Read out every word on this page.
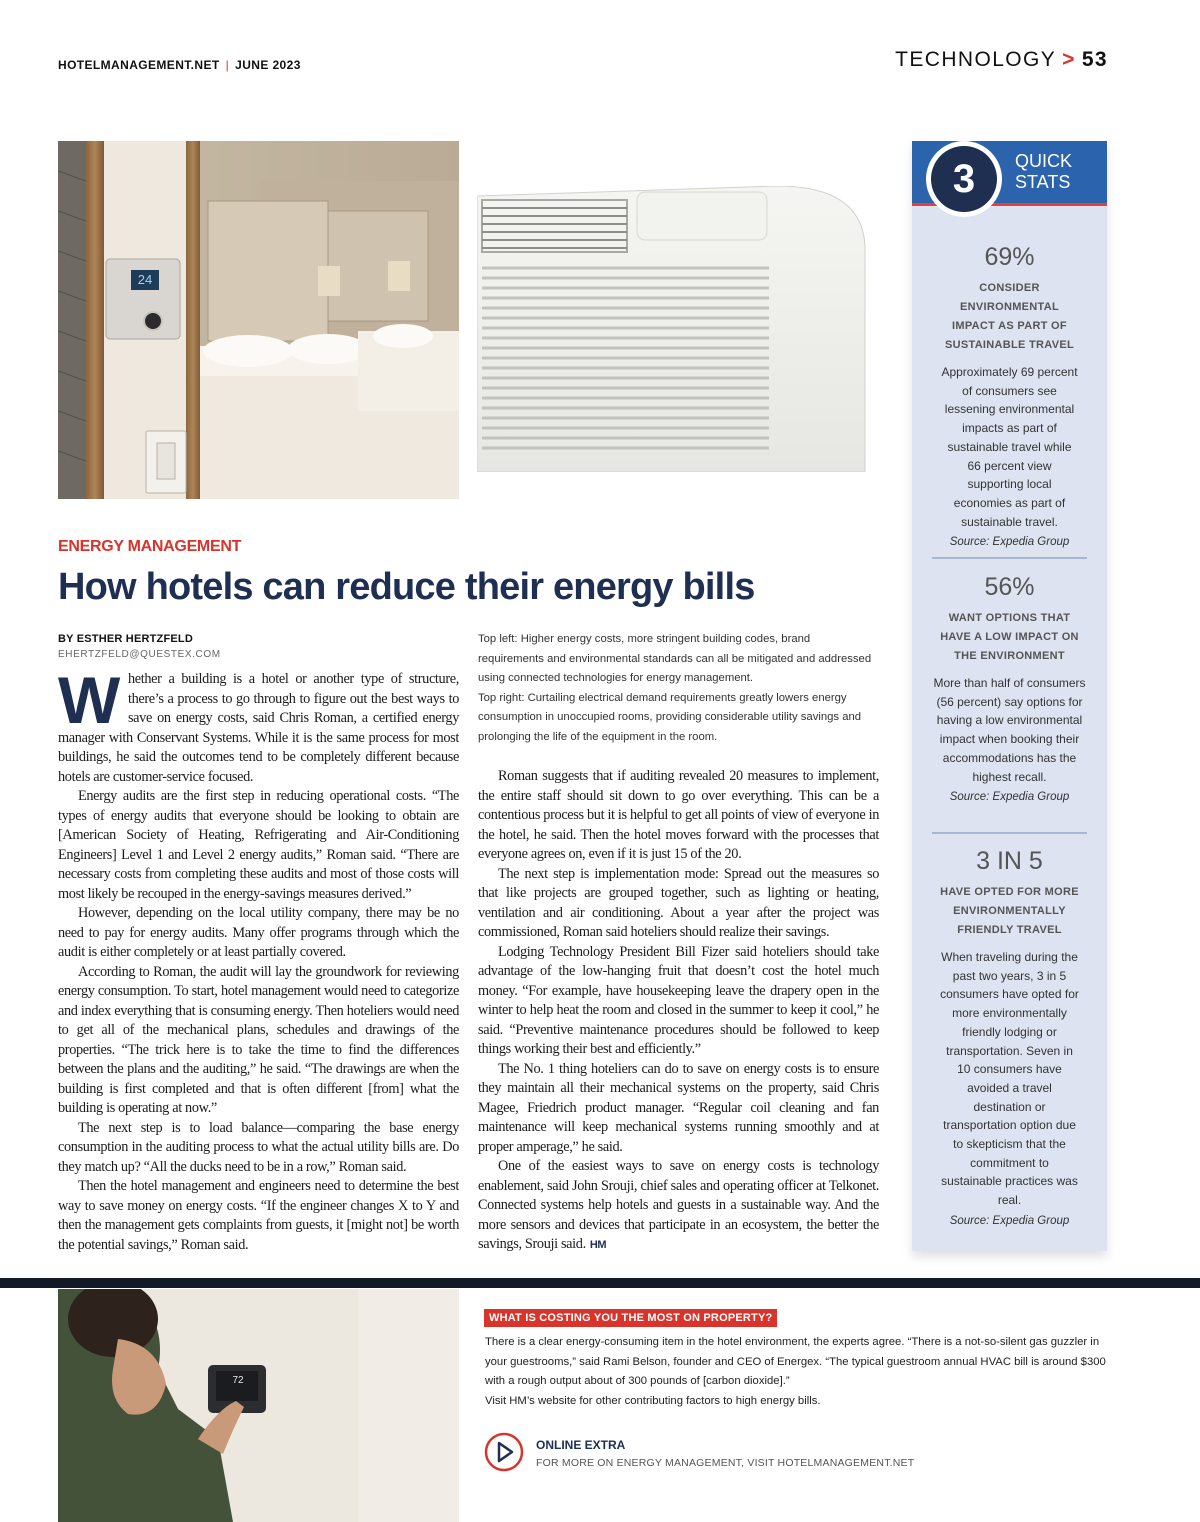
HOTELMANAGEMENT.NET | JUNE 2023	TECHNOLOGY > 53
24
ENERGY MANAGEMENT
How hotels can reduce their energy bills
BY ESTHER HERTZFELD
EHERTZFELD@QUESTEX.COM

Whether a building is a hotel or another type of structure, there’s a process to go through to figure out the best ways to save on energy costs, said Chris Roman, a certified energy manager with Conservant Systems. While it is the same process for most buildings, he said the outcomes tend to be completely different because hotels are customer-service focused.

Energy audits are the first step in reducing operational costs. “The types of energy audits that everyone should be looking to obtain are [American Society of Heating, Refrigerating and Air-Conditioning Engineers] Level 1 and Level 2 energy audits,” Roman said. “There are necessary costs from completing these audits and most of those costs will most likely be recouped in the energy-savings measures derived.”

However, depending on the local utility company, there may be no need to pay for energy audits. Many offer programs through which the audit is either completely or at least partially covered.

According to Roman, the audit will lay the groundwork for reviewing energy consumption. To start, hotel management would need to categorize and index everything that is consuming energy. Then hoteliers would need to get all of the mechanical plans, schedules and drawings of the properties. “The trick here is to take the time to find the differences between the plans and the auditing,” he said. “The drawings are when the building is first completed and that is often different [from] what the building is operating at now.”

The next step is to load balance—comparing the base energy consumption in the auditing process to what the actual utility bills are. Do they match up? “All the ducks need to be in a row,” Roman said.

Then the hotel management and engineers need to determine the best way to save money on energy costs. “If the engineer changes X to Y and then the management gets complaints from guests, it [might not] be worth the potential savings,” Roman said.

Top left: Higher energy costs, more stringent building codes, brand requirements and environmental standards can all be mitigated and addressed using connected technologies for energy management.

Top right: Curtailing electrical demand requirements greatly lowers energy consumption in unoccupied rooms, providing considerable utility savings and prolonging the life of the equipment in the room.

Roman suggests that if auditing revealed 20 measures to implement, the entire staff should sit down to go over everything. This can be a contentious process but it is helpful to get all points of view of everyone in the hotel, he said. Then the hotel moves forward with the processes that everyone agrees on, even if it is just 15 of the 20.

The next step is implementation mode: Spread out the measures so that like projects are grouped together, such as lighting or heating, ventilation and air conditioning. About a year after the project was commissioned, Roman said hoteliers should realize their savings.

Lodging Technology President Bill Fizer said hoteliers should take advantage of the low-hanging fruit that doesn’t cost the hotel much money. “For example, have housekeeping leave the drapery open in the winter to help heat the room and closed in the summer to keep it cool,” he said. “Preventive maintenance procedures should be followed to keep things working their best and efficiently.”

The No. 1 thing hoteliers can do to save on energy costs is to ensure they maintain all their mechanical systems on the property, said Chris Magee, Friedrich product manager. “Regular coil cleaning and fan maintenance will keep mechanical systems running smoothly and at proper amperage,” he said.

One of the easiest ways to save on energy costs is technology enablement, said John Srouji, chief sales and operating officer at Telkonet. Connected systems help hotels and guests in a sustainable way. And the more sensors and devices that participate in an ecosystem, the better the savings, Srouji said. HM

3	QUICK
STATS
69%
CONSIDER ENVIRONMENTAL IMPACT AS PART OF SUSTAINABLE TRAVEL
Approximately 69 percent of consumers see lessening environmental impacts as part of sustainable travel while 66 percent view supporting local economies as part of sustainable travel.
Source: Expedia Group
56%
WANT OPTIONS THAT HAVE A LOW IMPACT ON THE ENVIRONMENT
More than half of consumers (56 percent) say options for having a low environmental impact when booking their accommodations has the highest recall.
Source: Expedia Group
3 IN 5
HAVE OPTED FOR MORE ENVIRONMENTALLY FRIENDLY TRAVEL
When traveling during the past two years, 3 in 5 consumers have opted for more environmentally friendly lodging or transportation. Seven in 10 consumers have avoided a travel destination or transportation option due to skepticism that the commitment to sustainable practices was real.
Source: Expedia Group
72
WHAT IS COSTING YOU THE MOST ON PROPERTY?

There is a clear energy-consuming item in the hotel environment, the experts agree. “There is a not-so-silent gas guzzler in your guestrooms,” said Rami Belson, founder and CEO of Energex. “The typical guestroom annual HVAC bill is around $300 with a rough output about of 300 pounds of [carbon dioxide].”

Visit HM’s website for other contributing factors to high energy bills.

ONLINE EXTRA
FOR MORE ON ENERGY MANAGEMENT, VISIT HOTELMANAGEMENT.NET
